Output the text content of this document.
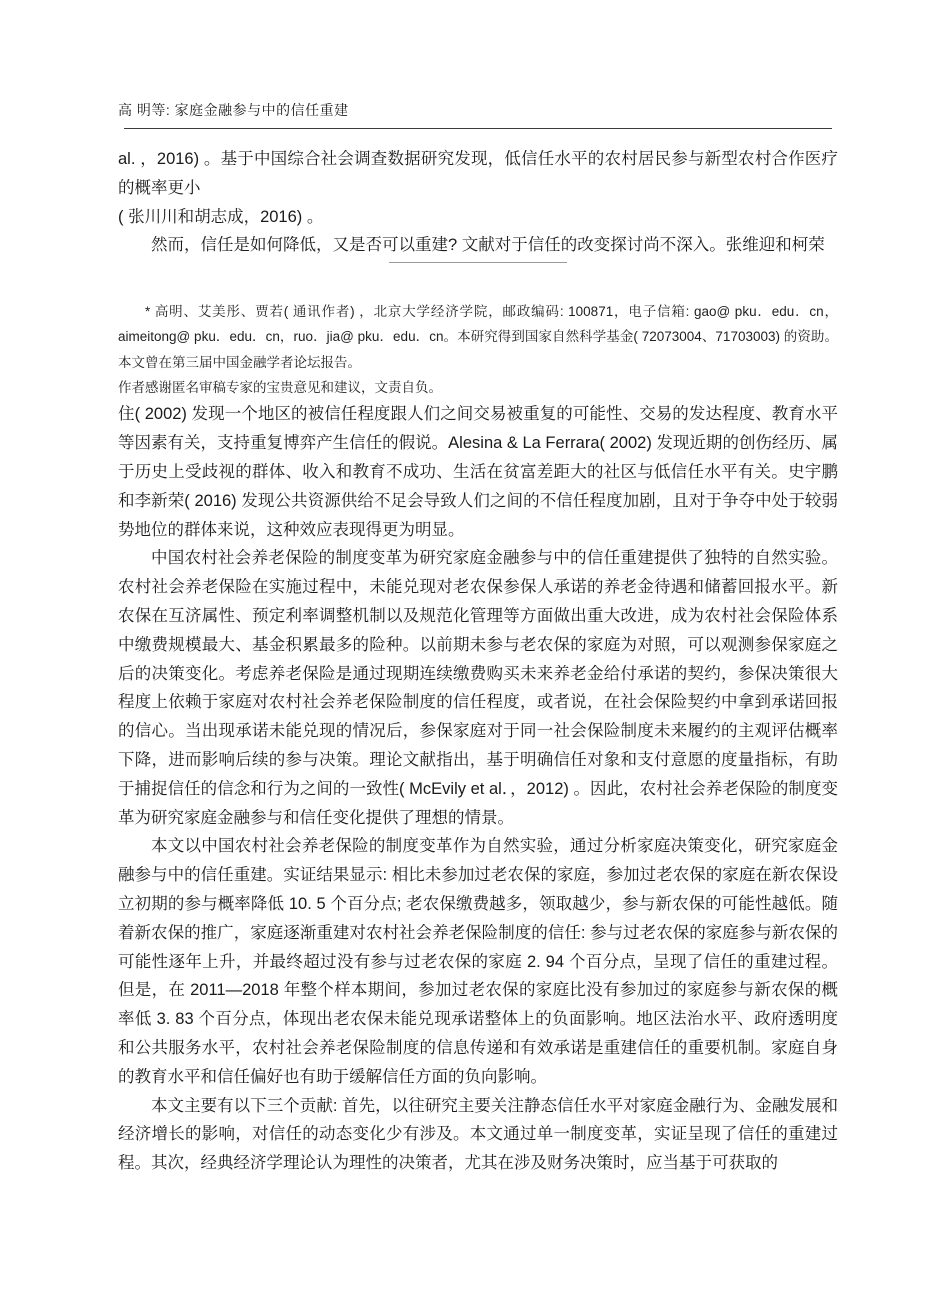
高 明等: 家庭金融参与中的信任重建
al. ，2016) 。基于中国综合社会调查数据研究发现，低信任水平的农村居民参与新型农村合作医疗的概率更小
( 张川川和胡志成，2016) 。
然而，信任是如何降低，又是否可以重建? 文献对于信任的改变探讨尚不深入。张维迎和柯荣
* 高明、艾美彤、贾若( 通讯作者) ，北京大学经济学院，邮政编码: 100871，电子信箱: gao@ pku．edu．cn，aimeitong@ pku．edu．cn，ruo．jia@ pku．edu．cn。本研究得到国家自然科学基金( 72073004、71703003) 的资助。本文曾在第三届中国金融学者论坛报告。
作者感谢匿名审稿专家的宝贵意见和建议，文责自负。
住( 2002) 发现一个地区的被信任程度跟人们之间交易被重复的可能性、交易的发达程度、教育水平等因素有关，支持重复博弈产生信任的假说。Alesina & La Ferrara( 2002) 发现近期的创伤经历、属于历史上受歧视的群体、收入和教育不成功、生活在贫富差距大的社区与低信任水平有关。史宇鹏和李新荣( 2016) 发现公共资源供给不足会导致人们之间的不信任程度加剧，且对于争夺中处于较弱势地位的群体来说，这种效应表现得更为明显。
中国农村社会养老保险的制度变革为研究家庭金融参与中的信任重建提供了独特的自然实验。农村社会养老保险在实施过程中，未能兑现对老农保参保人承诺的养老金待遇和储蓄回报水平。新农保在互济属性、预定利率调整机制以及规范化管理等方面做出重大改进，成为农村社会保险体系中缴费规模最大、基金积累最多的险种。以前期未参与老农保的家庭为对照，可以观测参保家庭之后的决策变化。考虑养老保险是通过现期连续缴费购买未来养老金给付承诺的契约，参保决策很大程度上依赖于家庭对农村社会养老保险制度的信任程度，或者说，在社会保险契约中拿到承诺回报的信心。当出现承诺未能兑现的情况后，参保家庭对于同一社会保险制度未来履约的主观评估概率下降，进而影响后续的参与决策。理论文献指出，基于明确信任对象和支付意愿的度量指标，有助于捕捉信任的信念和行为之间的一致性( McEvily et al．，2012) 。因此，农村社会养老保险的制度变革为研究家庭金融参与和信任变化提供了理想的情景。
本文以中国农村社会养老保险的制度变革作为自然实验，通过分析家庭决策变化，研究家庭金融参与中的信任重建。实证结果显示: 相比未参加过老农保的家庭，参加过老农保的家庭在新农保设立初期的参与概率降低 10. 5 个百分点; 老农保缴费越多，领取越少，参与新农保的可能性越低。随着新农保的推广，家庭逐渐重建对农村社会养老保险制度的信任: 参与过老农保的家庭参与新农保的可能性逐年上升，并最终超过没有参与过老农保的家庭 2. 94 个百分点，呈现了信任的重建过程。但是，在 2011—2018 年整个样本期间，参加过老农保的家庭比没有参加过的家庭参与新农保的概率低 3. 83 个百分点，体现出老农保未能兑现承诺整体上的负面影响。地区法治水平、政府透明度和公共服务水平，农村社会养老保险制度的信息传递和有效承诺是重建信任的重要机制。家庭自身的教育水平和信任偏好也有助于缓解信任方面的负向影响。
本文主要有以下三个贡献: 首先，以往研究主要关注静态信任水平对家庭金融行为、金融发展和经济增长的影响，对信任的动态变化少有涉及。本文通过单一制度变革，实证呈现了信任的重建过程。其次，经典经济学理论认为理性的决策者，尤其在涉及财务决策时，应当基于可获取的
